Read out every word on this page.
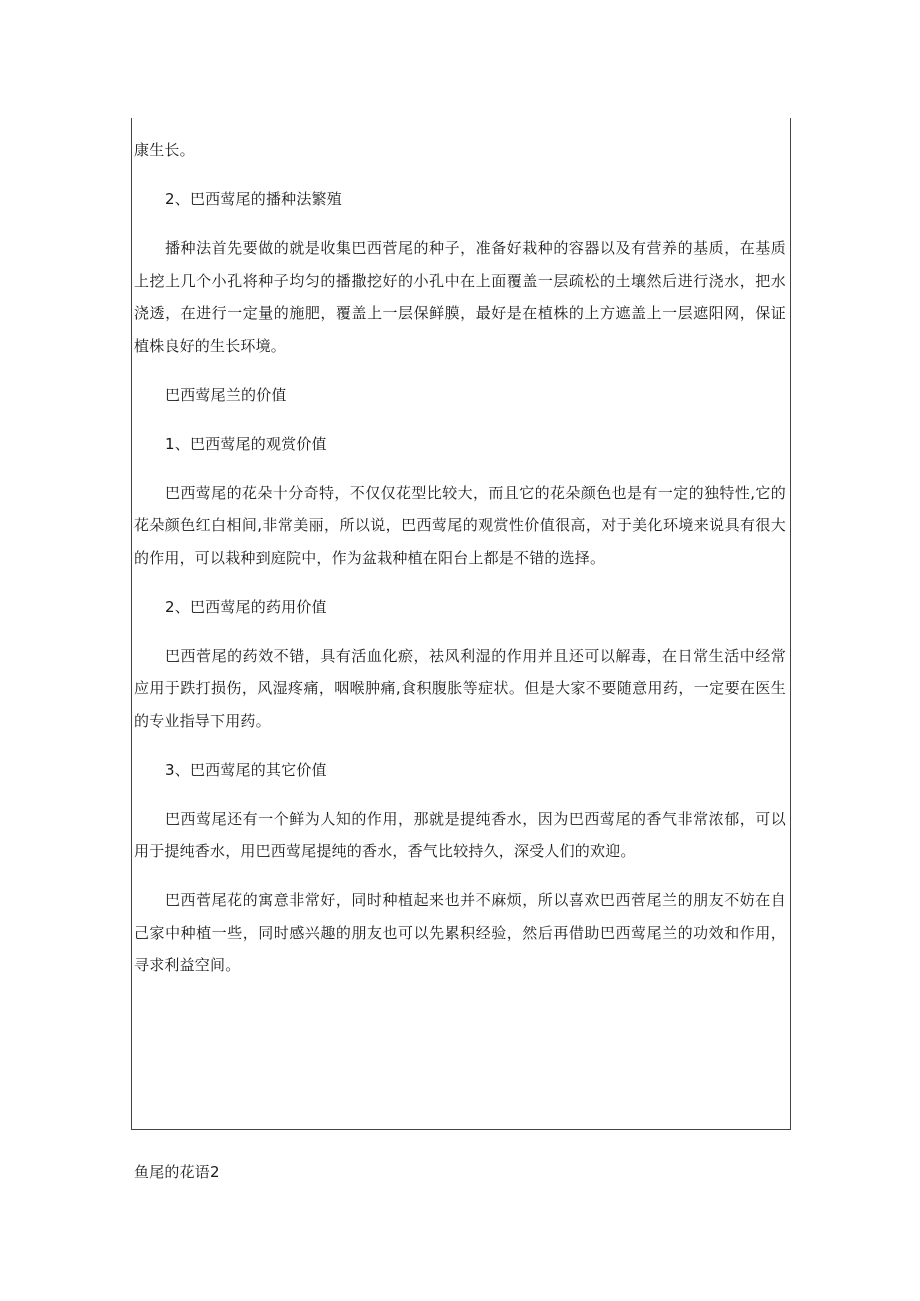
康生长。

2、巴西莺尾的播种法繁殖

播种法首先要做的就是收集巴西菅尾的种子，准备好栽种的容器以及有营养的基质，在基质上挖上几个小孔将种子均匀的播撒挖好的小孔中在上面覆盖一层疏松的土壤然后进行浇水，把水浇透，在进行一定量的施肥，覆盖上一层保鲜膜，最好是在植株的上方遮盖上一层遮阳网，保证植株良好的生长环境。

巴西莺尾兰的价值

1、巴西莺尾的观赏价值

巴西莺尾的花朵十分奇特，不仅仅花型比较大，而且它的花朵颜色也是有一定的独特性,它的花朵颜色红白相间,非常美丽，所以说，巴西莺尾的观赏性价值很高，对于美化环境来说具有很大的作用，可以栽种到庭院中，作为盆栽种植在阳台上都是不错的选择。

2、巴西莺尾的药用价值

巴西菅尾的药效不错，具有活血化瘀，祛风利湿的作用并且还可以解毒，在日常生活中经常应用于跌打损伤，风湿疼痛，咽喉肿痛,食积腹胀等症状。但是大家不要随意用药，一定要在医生的专业指导下用药。

3、巴西莺尾的其它价值

巴西莺尾还有一个鲜为人知的作用，那就是提纯香水，因为巴西莺尾的香气非常浓郁，可以用于提纯香水，用巴西莺尾提纯的香水，香气比较持久，深受人们的欢迎。

巴西菅尾花的寓意非常好，同时种植起来也并不麻烦，所以喜欢巴西菅尾兰的朋友不妨在自己家中种植一些，同时感兴趣的朋友也可以先累积经验，然后再借助巴西莺尾兰的功效和作用，寻求利益空间。

鱼尾的花语2
